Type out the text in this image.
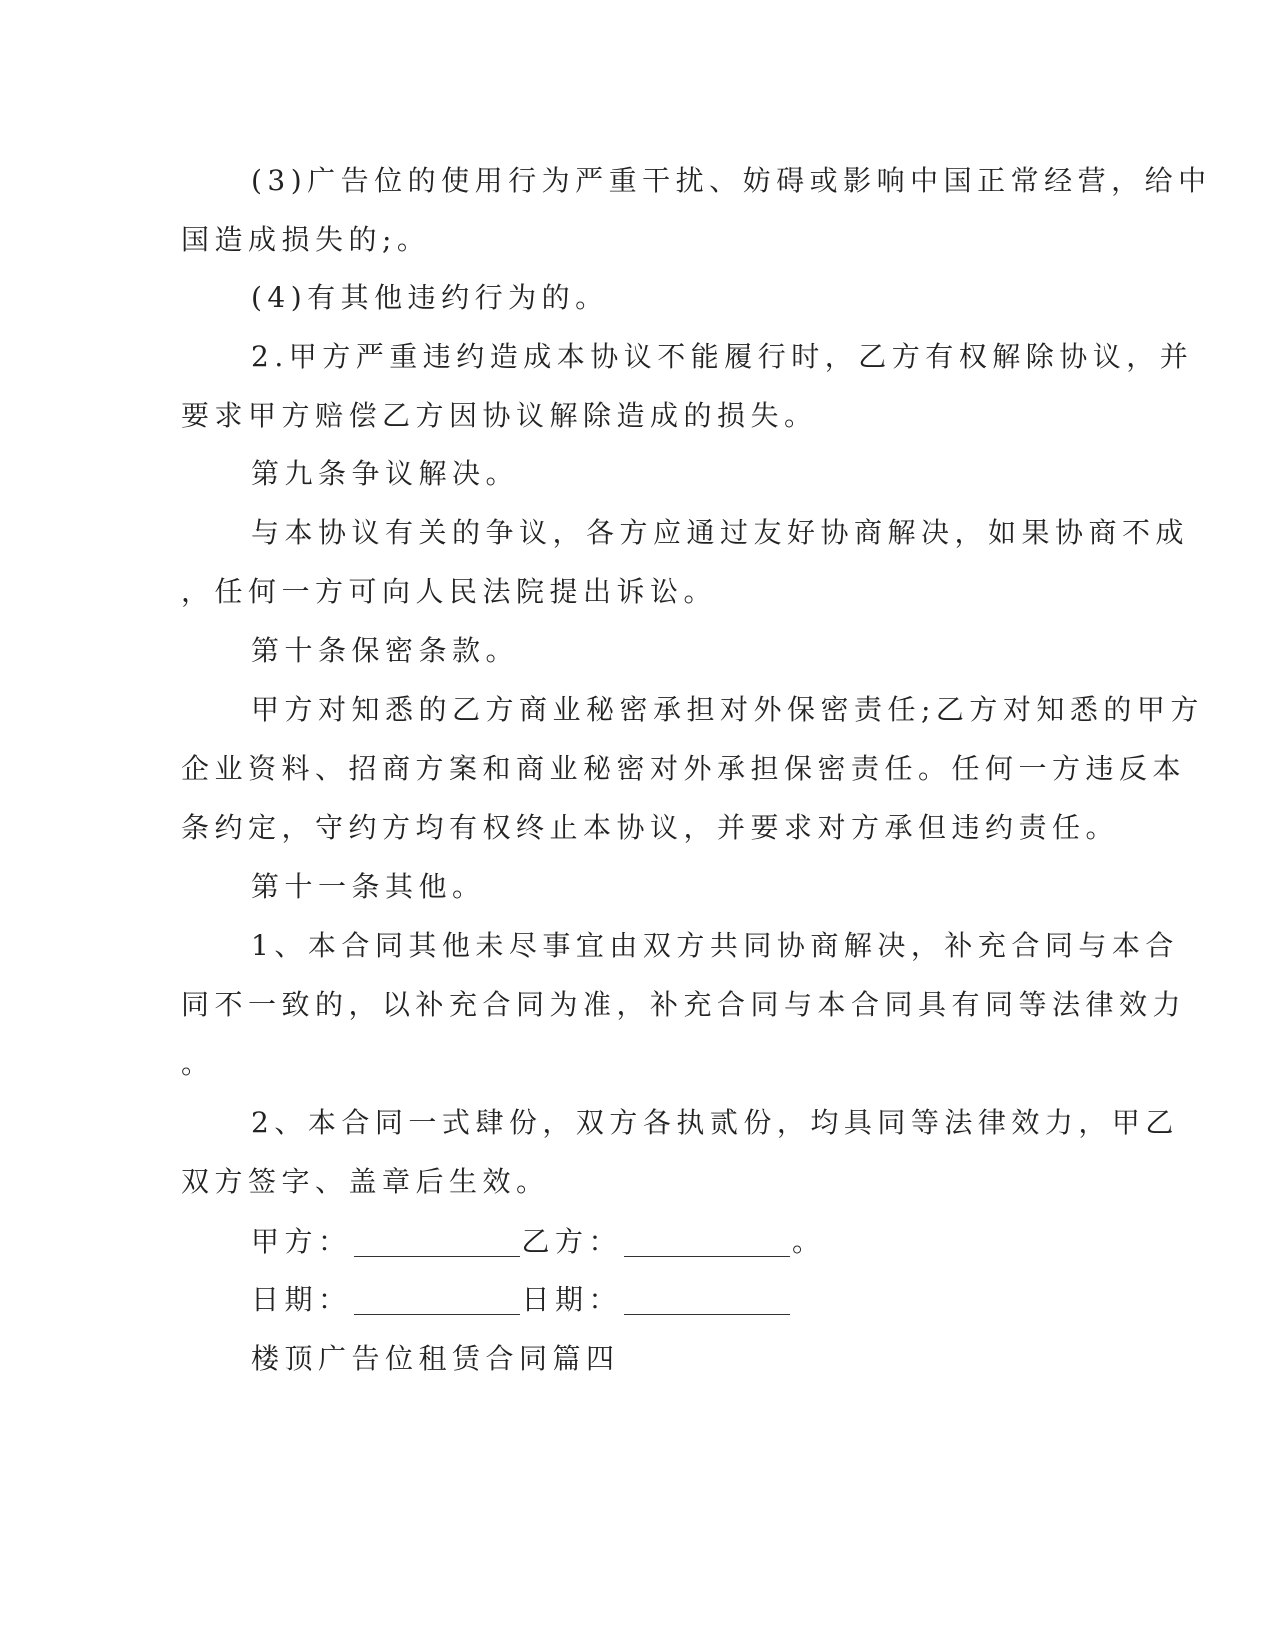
(3)广告位的使用行为严重干扰、妨碍或影响中国正常经营，给中

国造成损失的;。

(4)有其他违约行为的。

2.甲方严重违约造成本协议不能履行时，乙方有权解除协议，并

要求甲方赔偿乙方因协议解除造成的损失。

第九条争议解决。

与本协议有关的争议，各方应通过友好协商解决，如果协商不成

，任何一方可向人民法院提出诉讼。

第十条保密条款。

甲方对知悉的乙方商业秘密承担对外保密责任;乙方对知悉的甲方

企业资料、招商方案和商业秘密对外承担保密责任。任何一方违反本

条约定，守约方均有权终止本协议，并要求对方承但违约责任。

第十一条其他。

1、本合同其他未尽事宜由双方共同协商解决，补充合同与本合

同不一致的，以补充合同为准，补充合同与本合同具有同等法律效力

。

2、本合同一式肆份，双方各执贰份，均具同等法律效力，甲乙

双方签字、盖章后生效。

甲方：	乙方：	。

日期：	日期：

楼顶广告位租赁合同篇四
